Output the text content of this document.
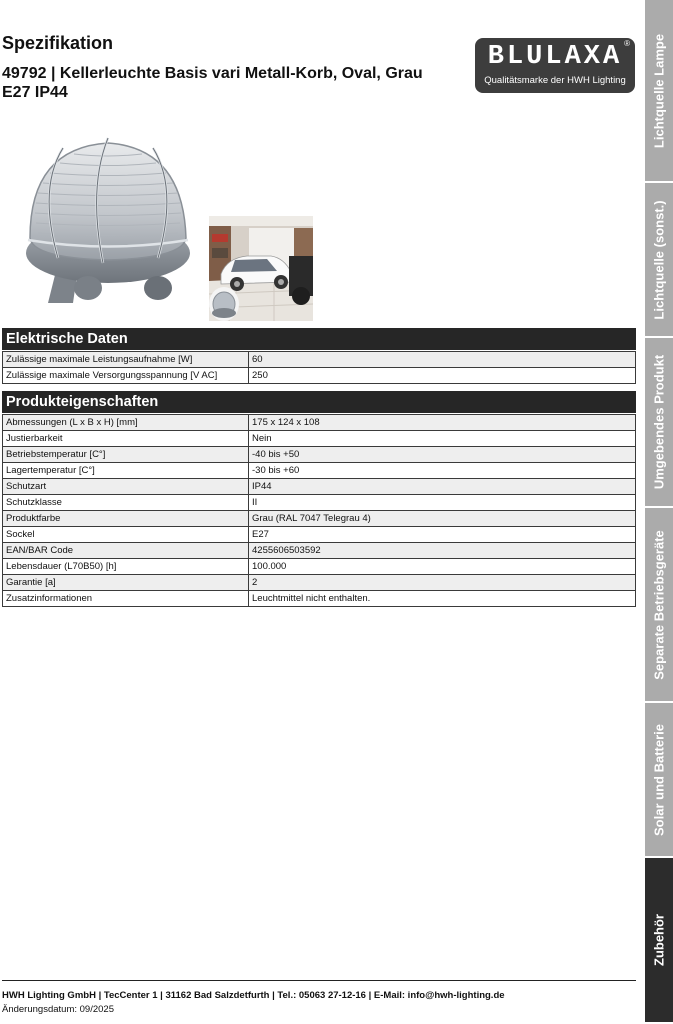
Spezifikation
49792 | Kellerleuchte Basis vari Metall-Korb, Oval, Grau E27 IP44
BLULAXA ®
Qualitätsmarke der HWH Lighting
Elektrische Daten
Zulässige maximale Leistungsaufnahme [W]	60
Zulässige maximale Versorgungsspannung [V AC]	250
Produkteigenschaften
Abmessungen (L x B x H) [mm]	175 x 124 x 108
Justierbarkeit	Nein
Betriebstemperatur [C°]	-40 bis +50
Lagertemperatur [C°]	-30 bis +60
Schutzart	IP44
Schutzklasse	II
Produktfarbe	Grau (RAL 7047 Telegrau 4)
Sockel	E27
EAN/BAR Code	4255606503592
Lebensdauer (L70B50) [h]	100.000
Garantie [a]	2
Zusatzinformationen	Leuchtmittel nicht enthalten.
Lichtquelle Lampe
Lichtquelle (sonst.)
Umgebendes Produkt
Separate Betriebsgeräte
Solar und Batterie
Zubehör
HWH Lighting GmbH | TecCenter 1 | 31162 Bad Salzdetfurth | Tel.: 05063 27-12-16 | E-Mail: info@hwh-lighting.de
Änderungsdatum: 09/2025
